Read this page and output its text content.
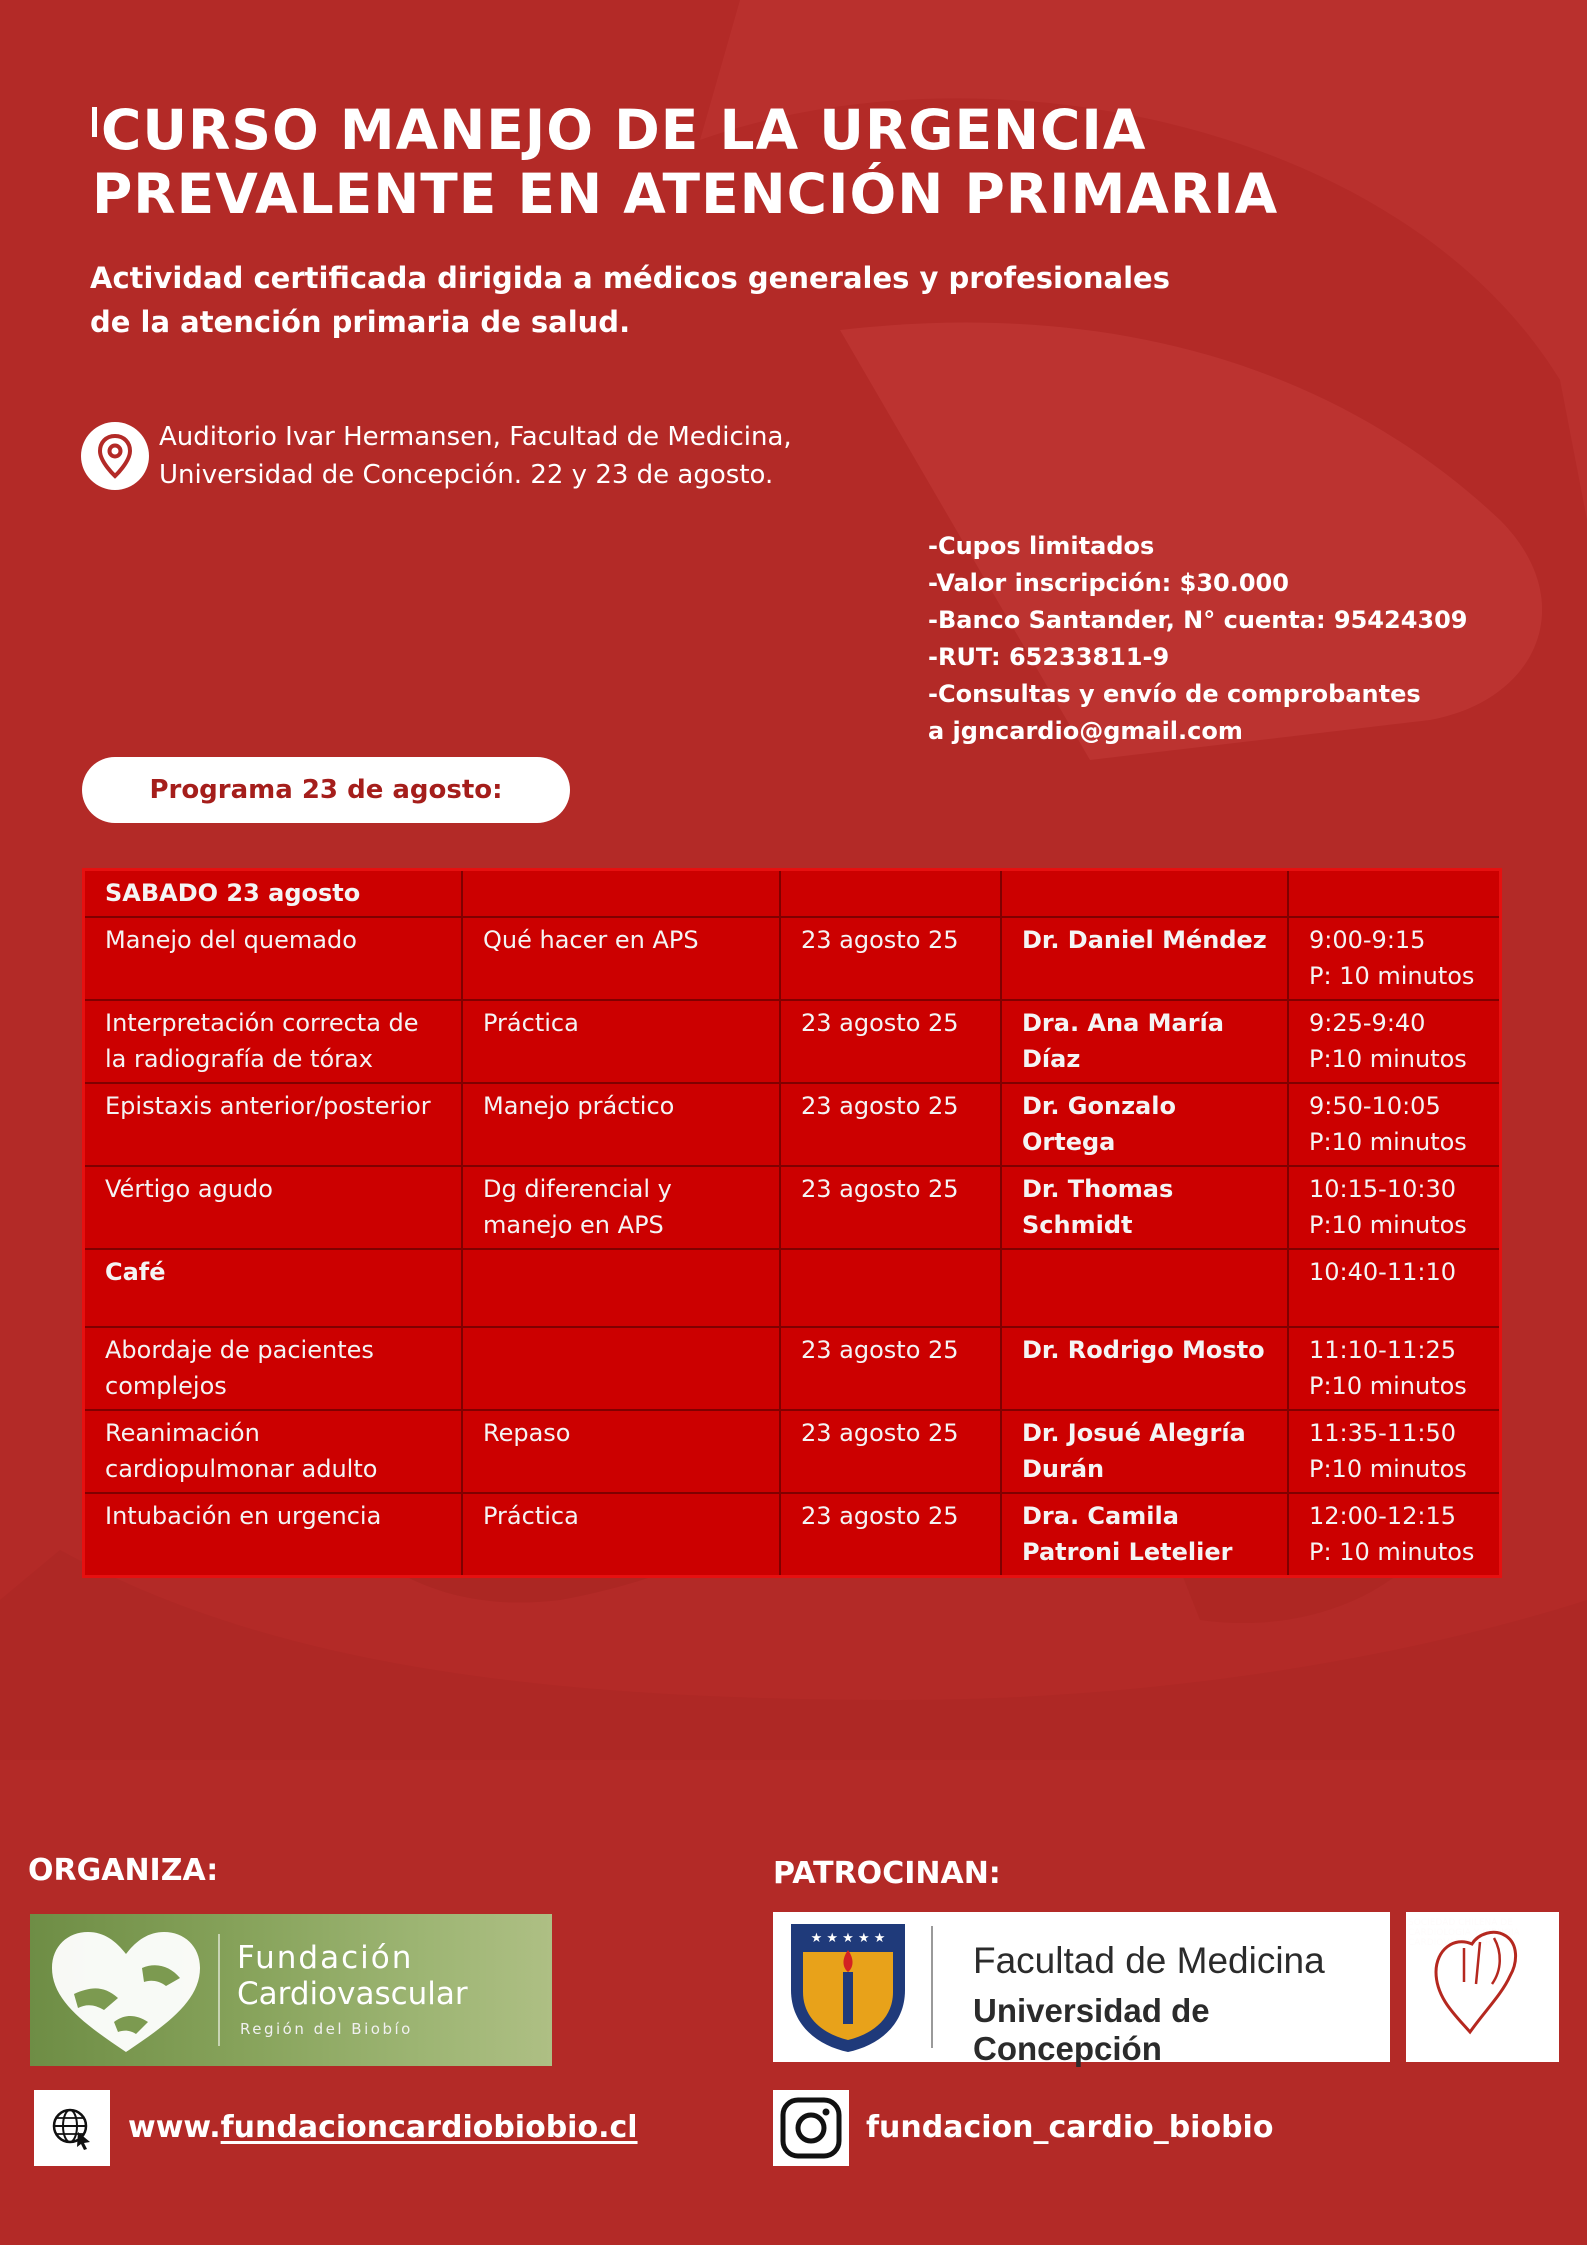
CURSO MANEJO DE LA URGENCIA
PREVALENTE EN ATENCIÓN PRIMARIA
Actividad certificada dirigida a médicos generales y profesionales
de la atención primaria de salud.
Auditorio Ivar Hermansen, Facultad de Medicina,
Universidad de Concepción. 22 y 23 de agosto.
-Cupos limitados
-Valor inscripción: $30.000
-Banco Santander, N° cuenta: 95424309
-RUT: 65233811-9
-Consultas y envío de comprobantes
a jgncardio@gmail.com
Programa 23 de agosto:
SABADO 23 agosto				
Manejo del quemado	Qué hacer en APS	23 agosto 25	Dr. Daniel Méndez	9:00-9:15
P: 10 minutos

Interpretación correcta de la radiografía de tórax	Práctica	23 agosto 25	Dra. Ana María Díaz	9:25-9:40
P:10 minutos

Epistaxis anterior/posterior	Manejo práctico	23 agosto 25	Dr. Gonzalo Ortega	9:50-10:05
P:10 minutos

Vértigo agudo	Dg diferencial y manejo en APS	23 agosto 25	Dr. Thomas Schmidt	10:15-10:30
P:10 minutos

Café				10:40-11:10

Abordaje de pacientes complejos		23 agosto 25	Dr. Rodrigo Mosto	11:10-11:25
P:10 minutos

Reanimación cardiopulmonar adulto	Repaso	23 agosto 25	Dr. Josué Alegría Durán	11:35-11:50
P:10 minutos

Intubación en urgencia	Práctica	23 agosto 25	Dra. Camila Patroni Letelier	12:00-12:15
P: 10 minutos
ORGANIZA:	PATROCINAN:
Fundación
Cardiovascular
Región del Biobío
★ ★ ★ ★ ★
Facultad de Medicina
Universidad de Concepción
www.fundacioncardiobiobio.cl	fundacion_cardio_biobio
